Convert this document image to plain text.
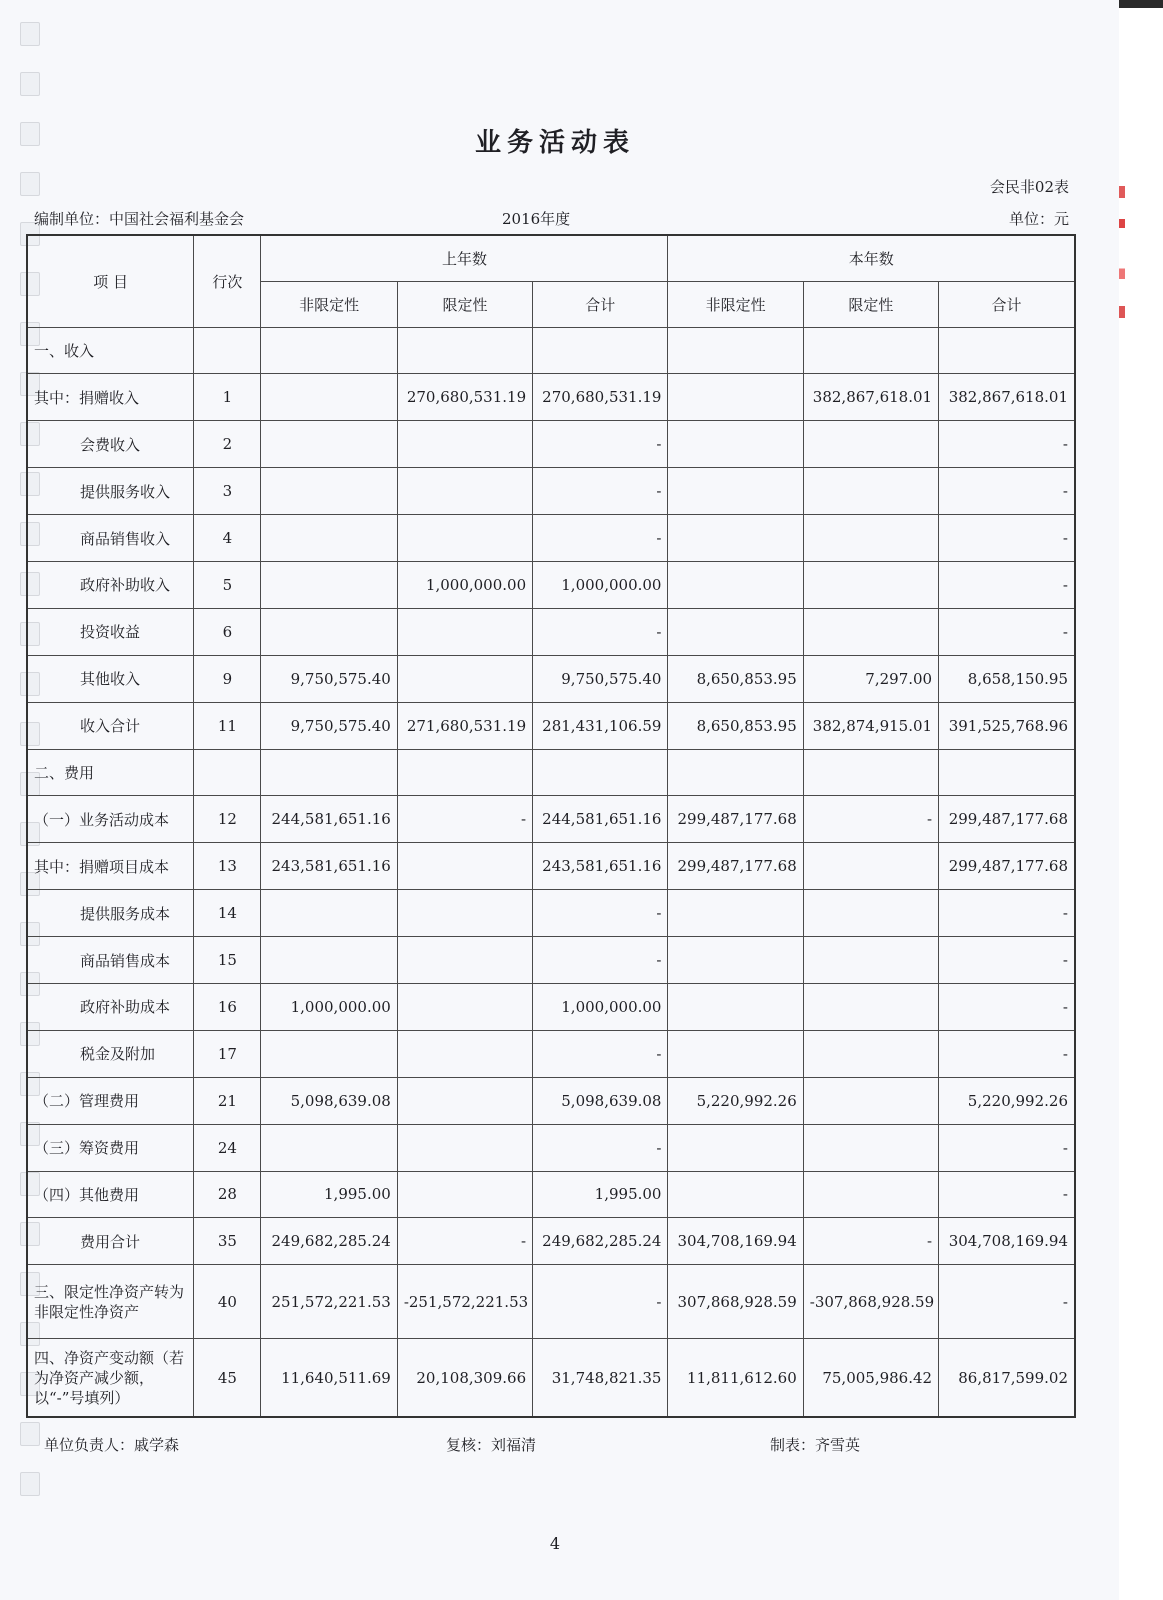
业务活动表
会民非02表
编制单位：中国社会福利基金会	2016年度	单位：元
项 目	行次	上年数			本年数		
		非限定性	限定性	合计	非限定性	限定性	合计
一、收入							
其中：捐赠收入	1		270,680,531.19	270,680,531.19		382,867,618.01	382,867,618.01
会费收入	2			-			-
提供服务收入	3			-			-
商品销售收入	4			-			-
政府补助收入	5		1,000,000.00	1,000,000.00			-
投资收益	6			-			-
其他收入	9	9,750,575.40		9,750,575.40	8,650,853.95	7,297.00	8,658,150.95
收入合计	11	9,750,575.40	271,680,531.19	281,431,106.59	8,650,853.95	382,874,915.01	391,525,768.96
二、费用							
（一）业务活动成本	12	244,581,651.16	-	244,581,651.16	299,487,177.68	-	299,487,177.68
其中：捐赠项目成本	13	243,581,651.16		243,581,651.16	299,487,177.68		299,487,177.68
提供服务成本	14			-			-
商品销售成本	15			-			-
政府补助成本	16	1,000,000.00		1,000,000.00			-
税金及附加	17			-			-
（二）管理费用	21	5,098,639.08		5,098,639.08	5,220,992.26		5,220,992.26
（三）筹资费用	24			-			-
（四）其他费用	28	1,995.00		1,995.00			-
费用合计	35	249,682,285.24	-	249,682,285.24	304,708,169.94	-	304,708,169.94
三、限定性净资产转为非限定性净资产	40	251,572,221.53	-251,572,221.53	-	307,868,928.59	-307,868,928.59	-
四、净资产变动额（若为净资产减少额，以“-”号填列）	45	11,640,511.69	20,108,309.66	31,748,821.35	11,811,612.60	75,005,986.42	86,817,599.02
单位负责人：戚学森	复核：刘福清	制表：齐雪英
4
